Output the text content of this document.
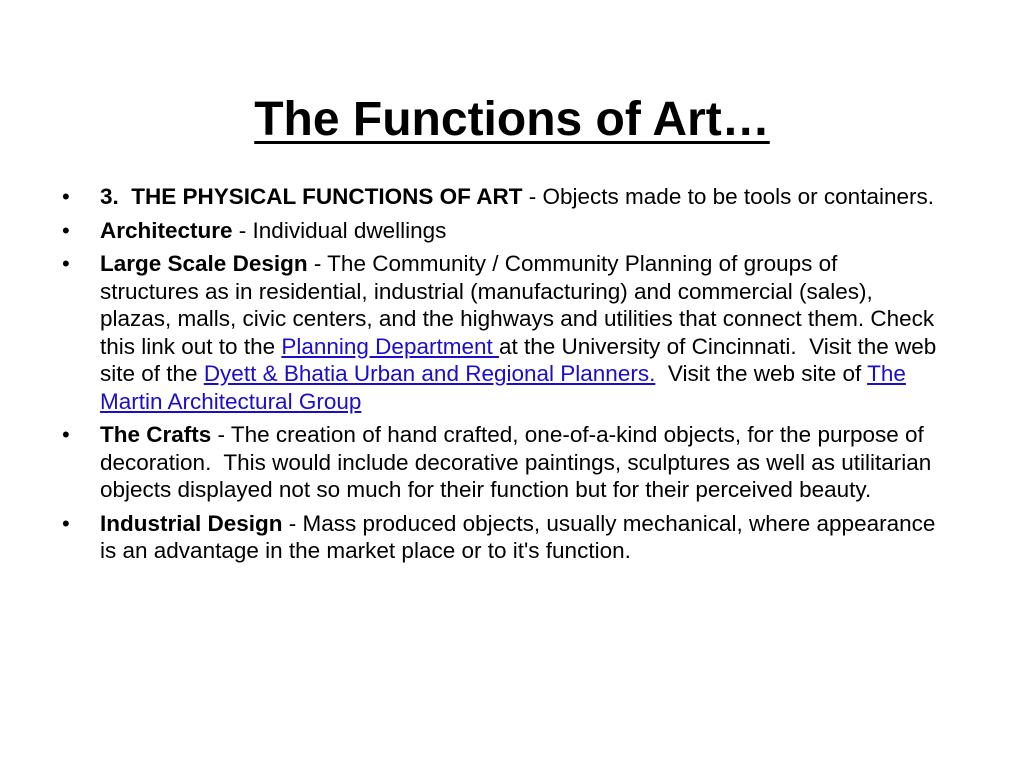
The Functions of Art…
• 3.  THE PHYSICAL FUNCTIONS OF ART - Objects made to be tools or containers.
• Architecture - Individual dwellings
• Large Scale Design - The Community / Community Planning of groups of structures as in residential, industrial (manufacturing) and commercial (sales), plazas, malls, civic centers, and the highways and utilities that connect them. Check this link out to the Planning Department at the University of Cincinnati.  Visit the web site of the Dyett & Bhatia Urban and Regional Planners.  Visit the web site of The Martin Architectural Group
• The Crafts - The creation of hand crafted, one-of-a-kind objects, for the purpose of decoration.  This would include decorative paintings, sculptures as well as utilitarian objects displayed not so much for their function but for their perceived beauty.
• Industrial Design - Mass produced objects, usually mechanical, where appearance is an advantage in the market place or to it's function.
